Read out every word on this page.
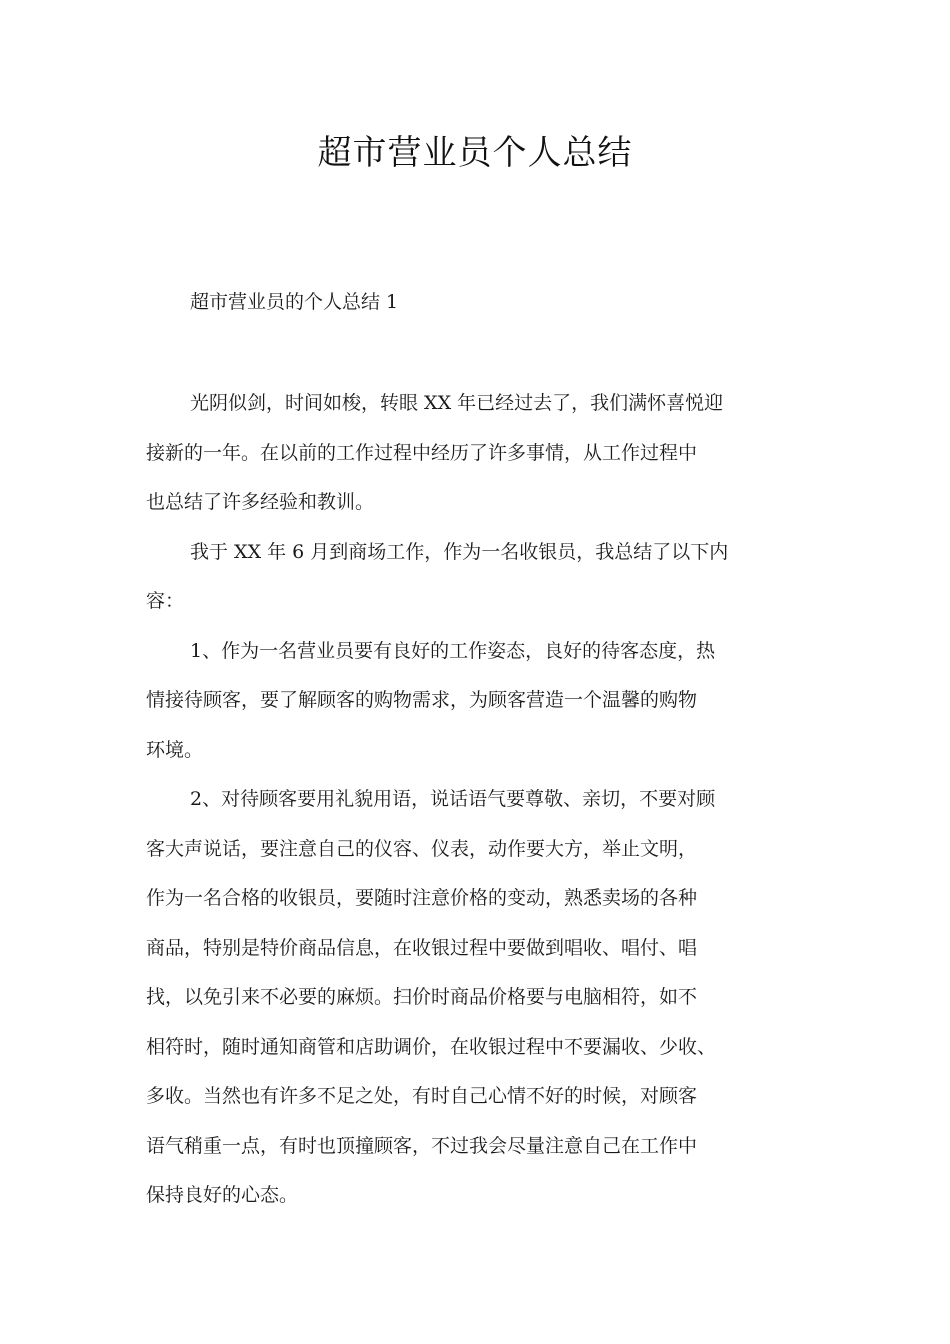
超市营业员个人总结

超市营业员的个人总结 1

光阴似剑，时间如梭，转眼 XX 年已经过去了，我们满怀喜悦迎
接新的一年。在以前的工作过程中经历了许多事情，从工作过程中
也总结了许多经验和教训。

我于 XX 年 6 月到商场工作，作为一名收银员，我总结了以下内
容：

1、作为一名营业员要有良好的工作姿态，良好的待客态度，热
情接待顾客，要了解顾客的购物需求，为顾客营造一个温馨的购物
环境。

2、对待顾客要用礼貌用语，说话语气要尊敬、亲切，不要对顾
客大声说话，要注意自己的仪容、仪表，动作要大方，举止文明，
作为一名合格的收银员，要随时注意价格的变动，熟悉卖场的各种
商品，特别是特价商品信息，在收银过程中要做到唱收、唱付、唱
找，以免引来不必要的麻烦。扫价时商品价格要与电脑相符，如不
相符时，随时通知商管和店助调价，在收银过程中不要漏收、少收、
多收。当然也有许多不足之处，有时自己心情不好的时候，对顾客
语气稍重一点，有时也顶撞顾客，不过我会尽量注意自己在工作中
保持良好的心态。
